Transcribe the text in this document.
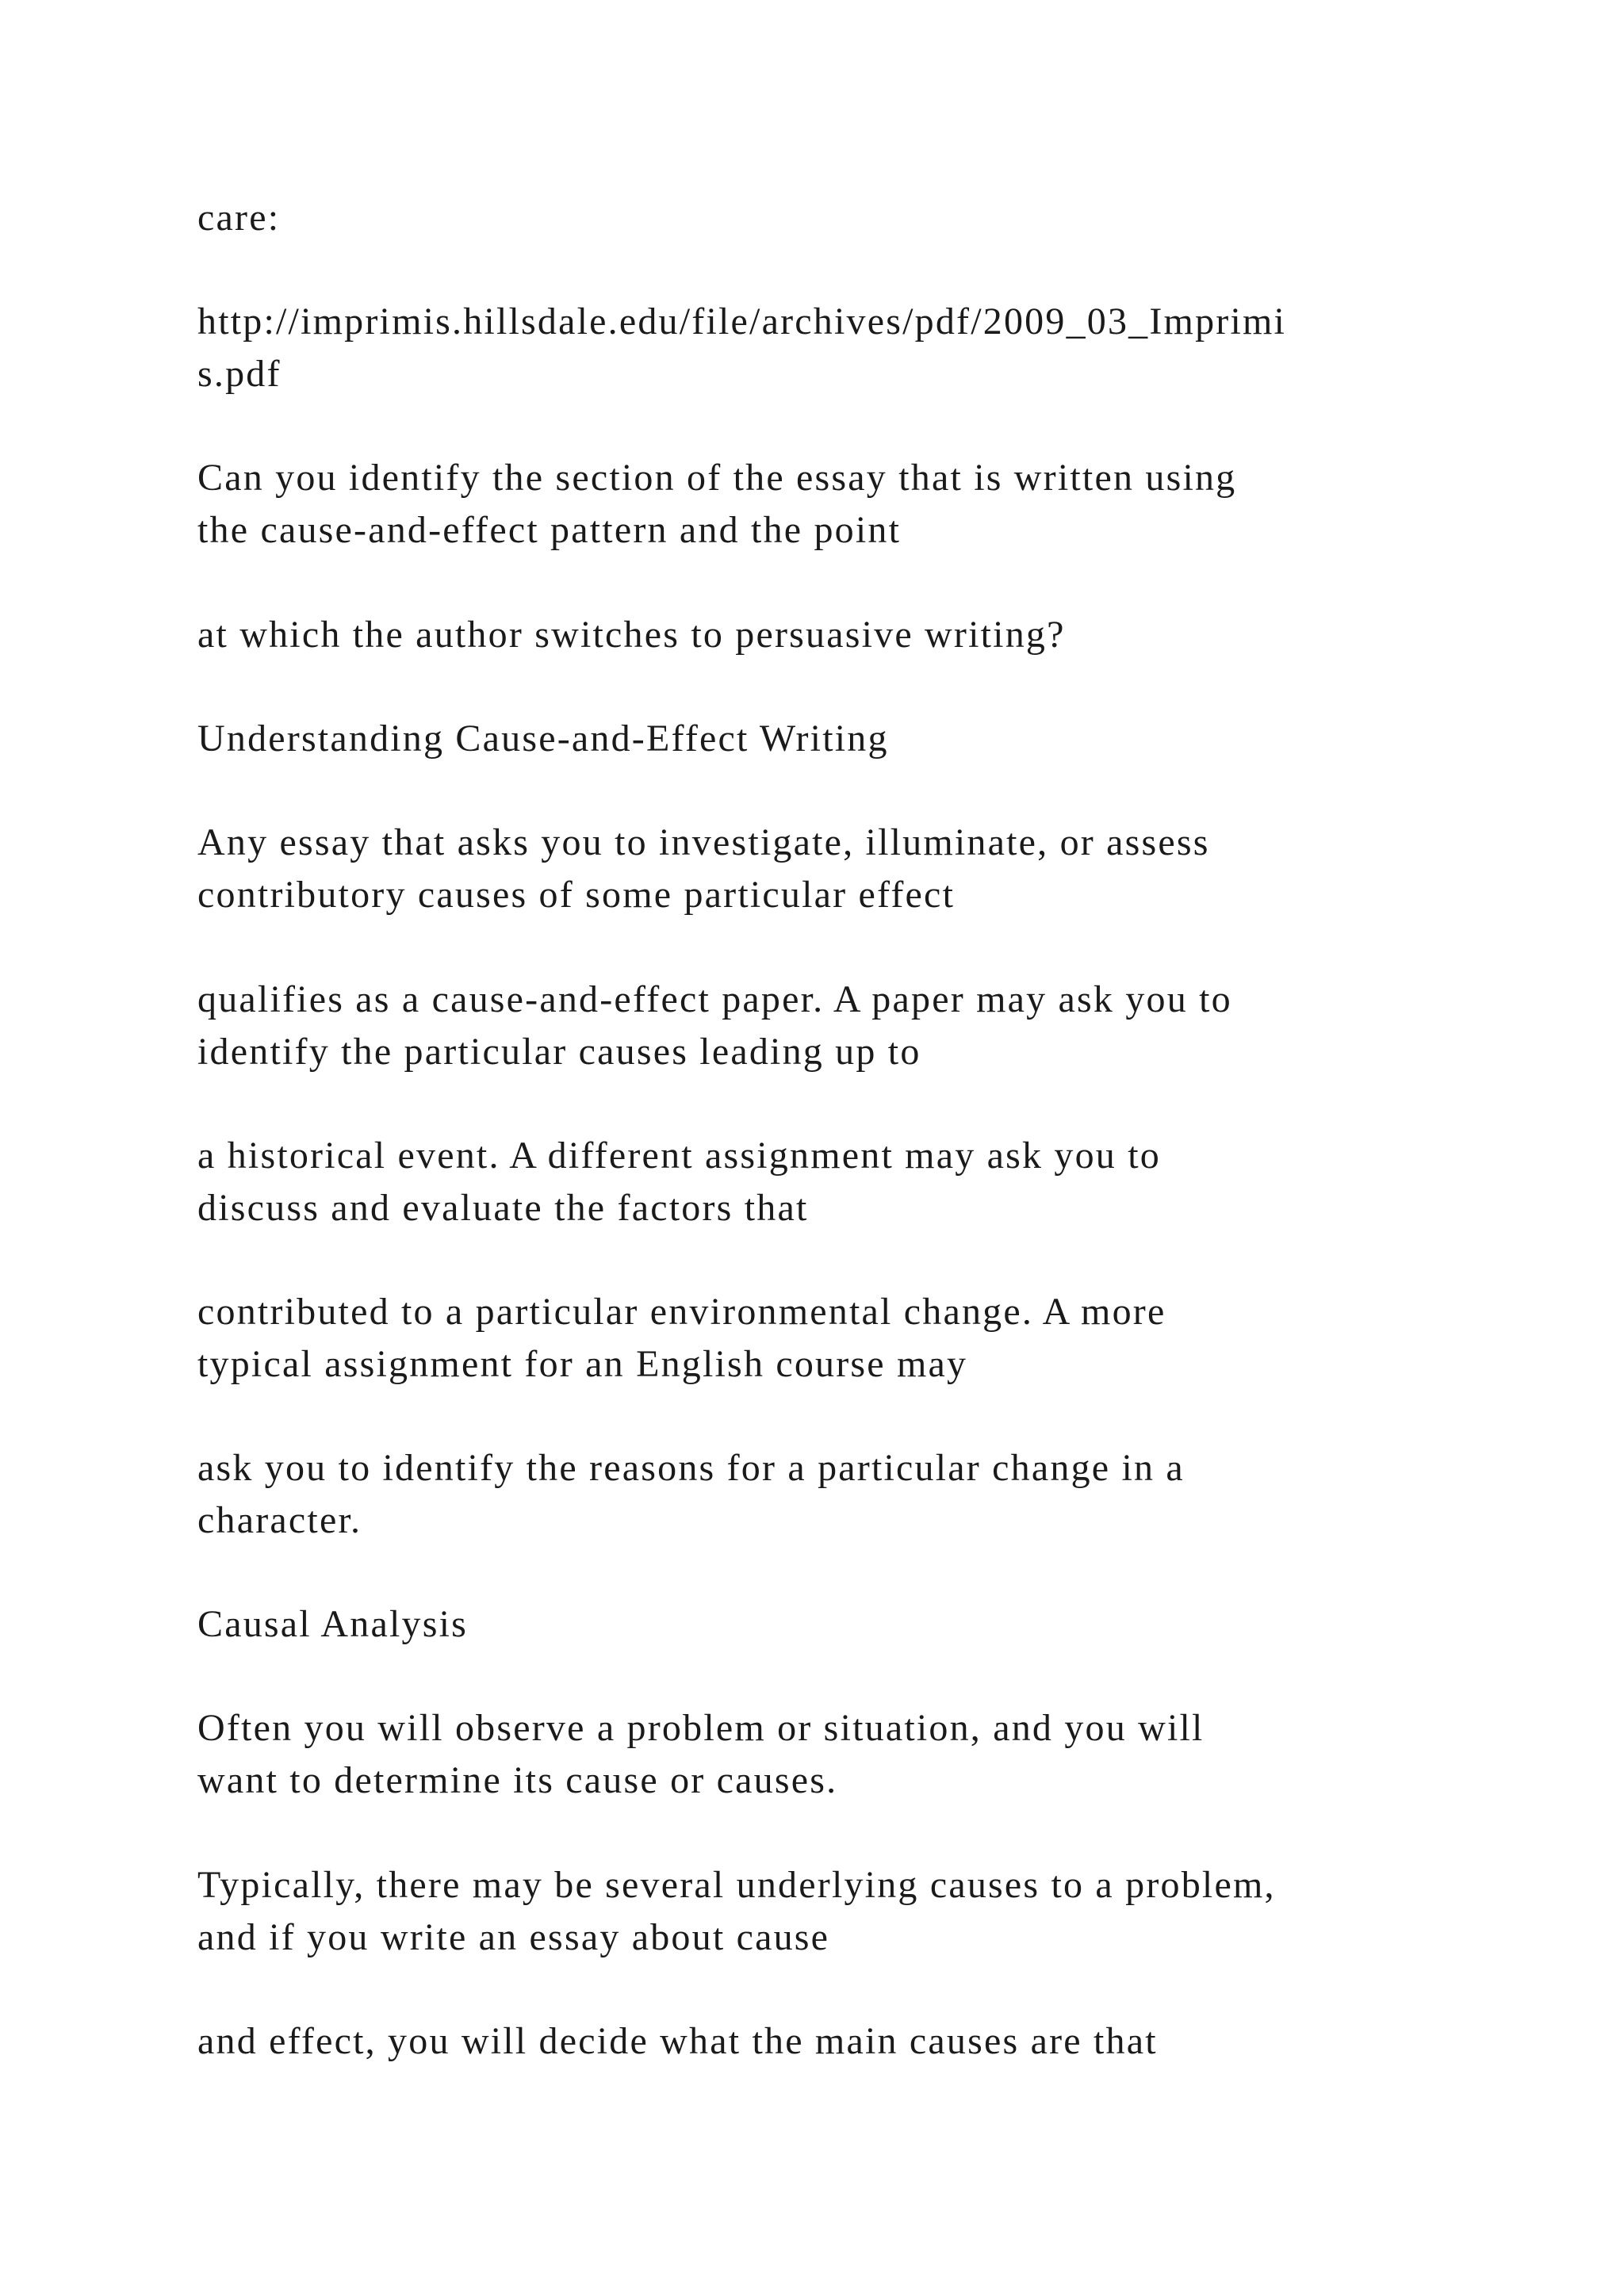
care:

http://imprimis.hillsdale.edu/file/archives/pdf/2009_03_Imprimi
s.pdf

Can you identify the section of the essay that is written using
the cause-and-effect pattern and the point

at which the author switches to persuasive writing?

Understanding Cause-and-Effect Writing

Any essay that asks you to investigate, illuminate, or assess
contributory causes of some particular effect

qualifies as a cause-and-effect paper. A paper may ask you to
identify the particular causes leading up to

a historical event. A different assignment may ask you to
discuss and evaluate the factors that

contributed to a particular environmental change. A more
typical assignment for an English course may

ask you to identify the reasons for a particular change in a
character.

Causal Analysis

Often you will observe a problem or situation, and you will
want to determine its cause or causes.

Typically, there may be several underlying causes to a problem,
and if you write an essay about cause

and effect, you will decide what the main causes are that
